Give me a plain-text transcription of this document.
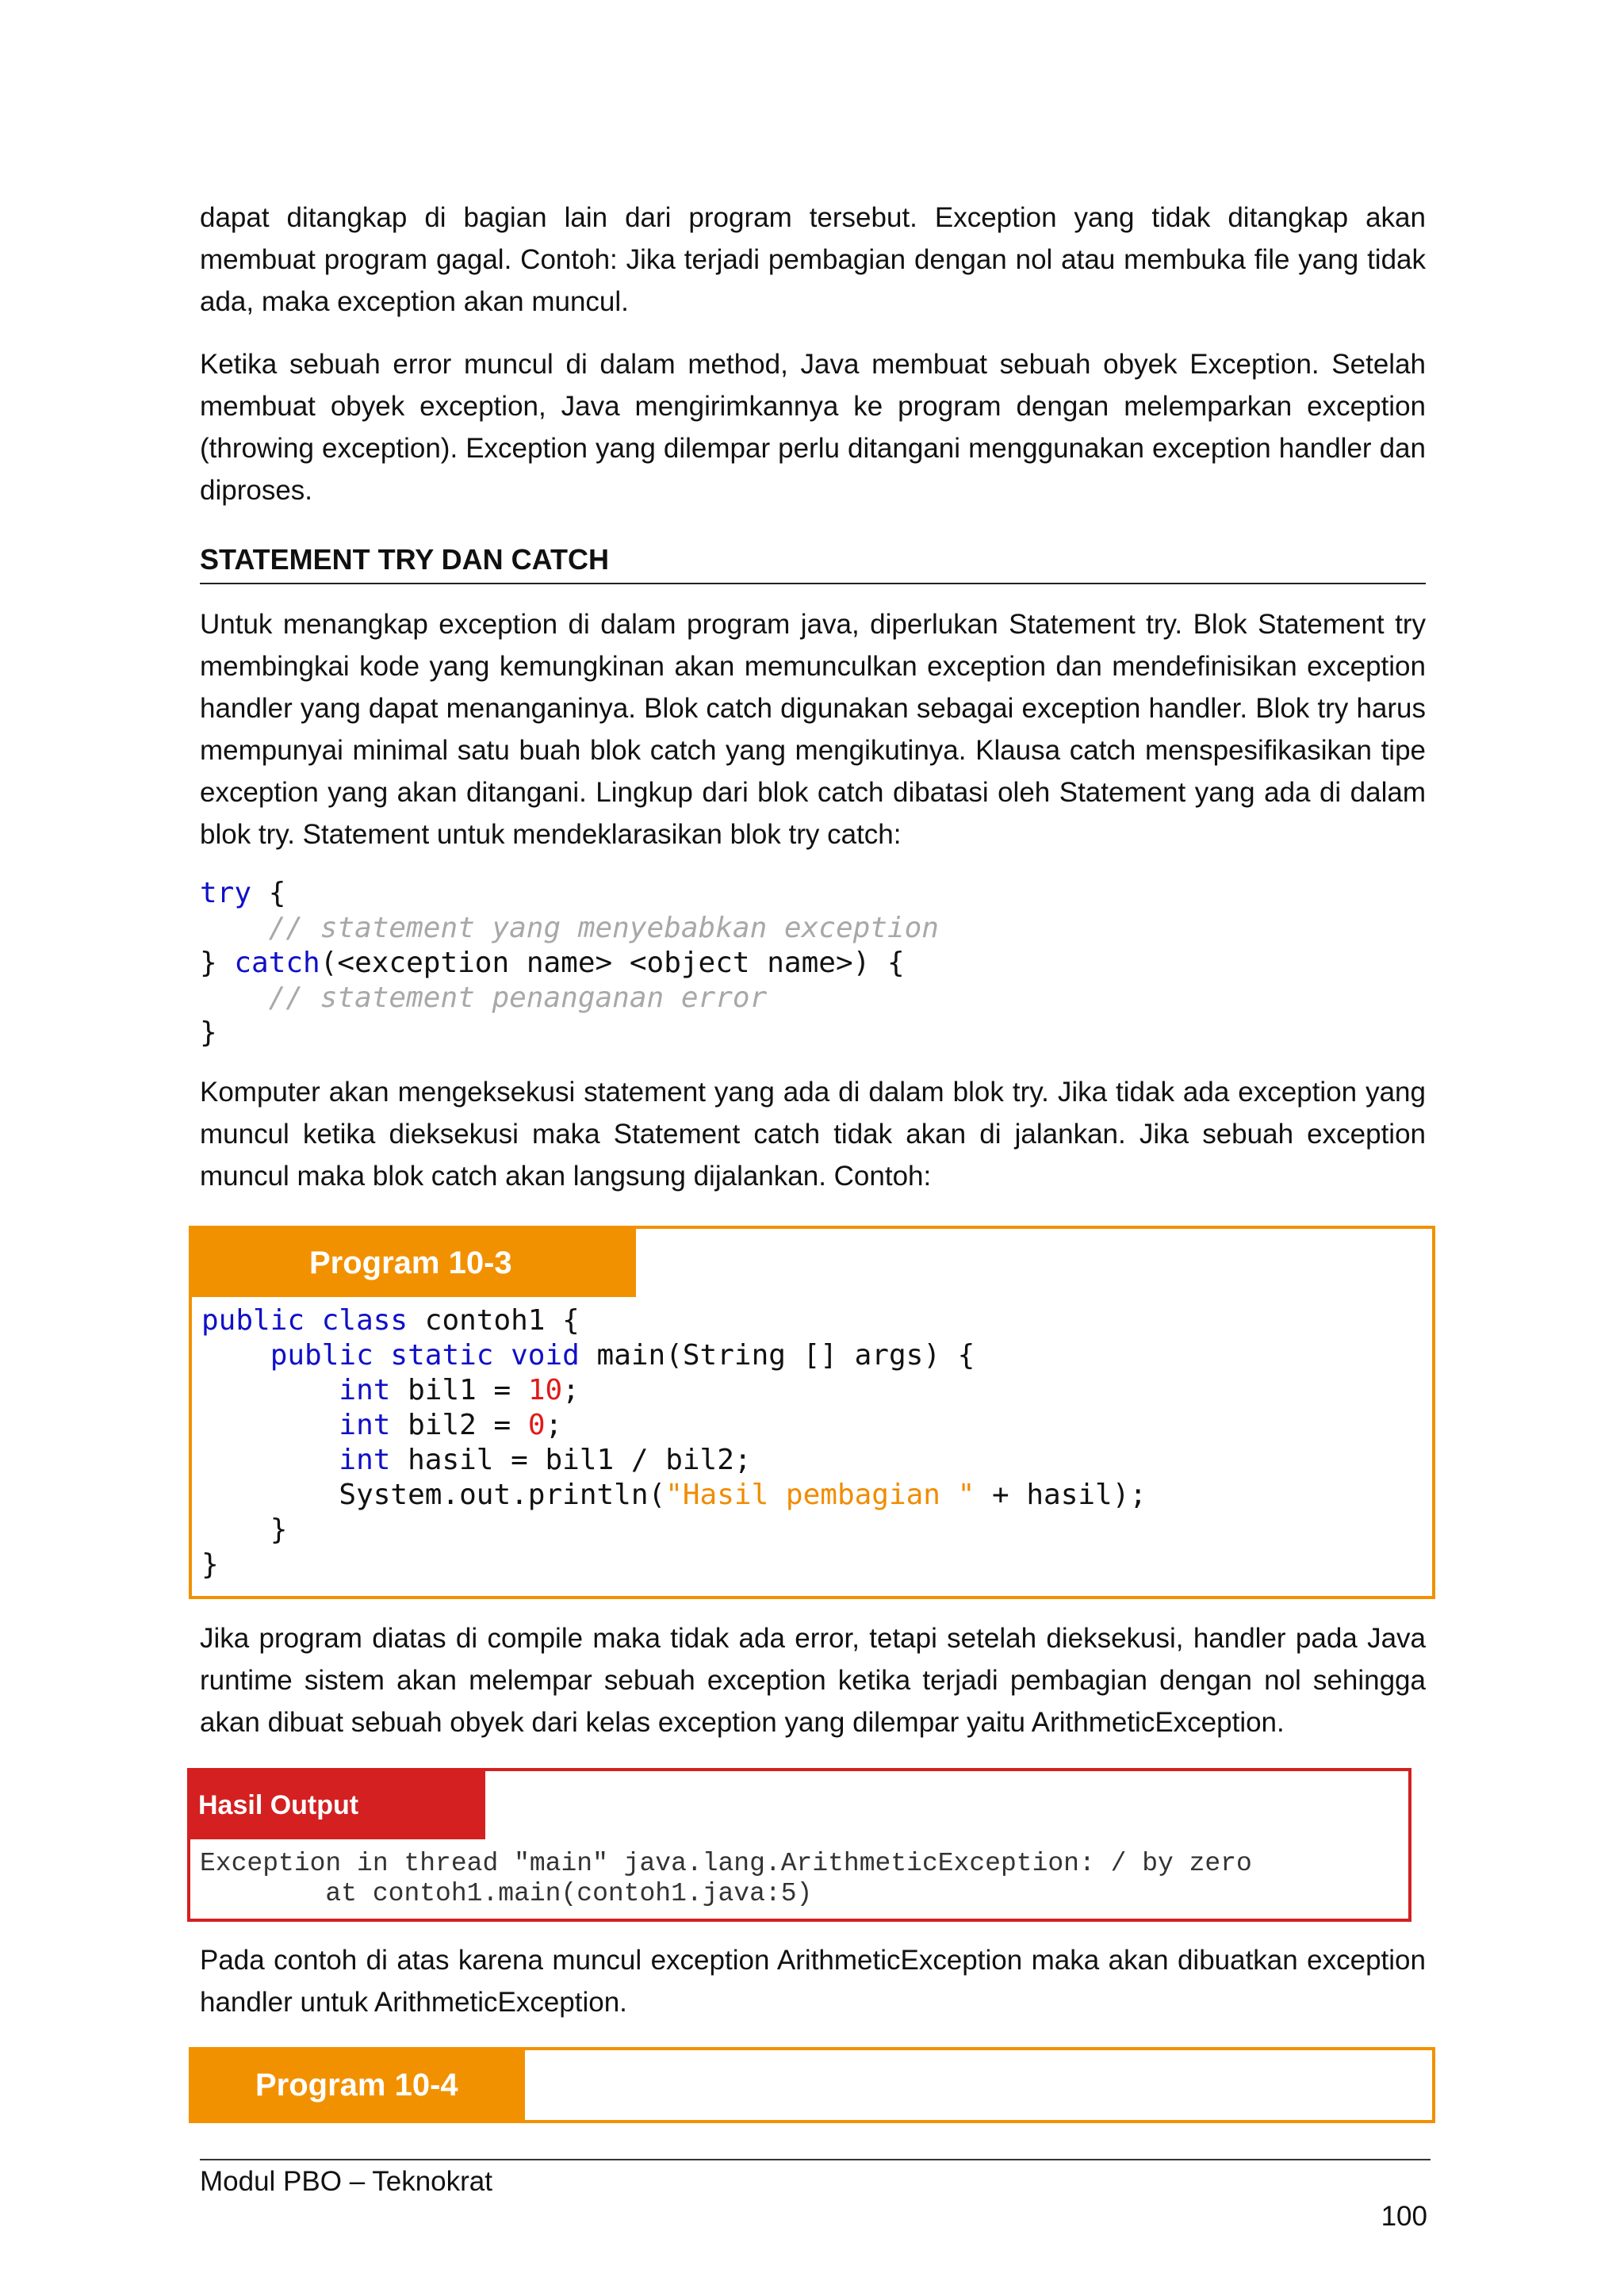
dapat ditangkap di bagian lain dari program tersebut. Exception yang tidak ditangkap akan membuat program gagal. Contoh: Jika terjadi pembagian dengan nol atau membuka file yang tidak ada, maka exception akan muncul.

Ketika sebuah error muncul di dalam method, Java membuat sebuah obyek Exception. Setelah membuat obyek exception, Java mengirimkannya ke program dengan melemparkan exception (throwing exception). Exception yang dilempar perlu ditangani menggunakan exception handler dan diproses.

STATEMENT TRY DAN CATCH

Untuk menangkap exception di dalam program java, diperlukan Statement try. Blok Statement try membingkai kode yang kemungkinan akan memunculkan exception dan mendefinisikan exception handler yang dapat menanganinya. Blok catch digunakan sebagai exception handler. Blok try harus mempunyai minimal satu buah blok catch yang mengikutinya. Klausa catch menspesifikasikan tipe exception yang akan ditangani. Lingkup dari blok catch dibatasi oleh Statement yang ada di dalam blok try. Statement untuk mendeklarasikan blok try catch:

try {
// statement yang menyebabkan exception
} catch(<exception name> <object name>) {
// statement penanganan error
}

Komputer akan mengeksekusi statement yang ada di dalam blok try. Jika tidak ada exception yang muncul ketika dieksekusi maka Statement catch tidak akan di jalankan. Jika sebuah exception muncul maka blok catch akan langsung dijalankan. Contoh:

Program 10-3
public class contoh1 {
public static void main(String [] args) {
int bil1 = 10;
int bil2 = 0;
int hasil = bil1 / bil2;
System.out.println("Hasil pembagian " + hasil);
}
}

Jika program diatas di compile maka tidak ada error, tetapi setelah dieksekusi, handler pada Java runtime sistem akan melempar sebuah exception ketika terjadi pembagian dengan nol sehingga akan dibuat sebuah obyek dari kelas exception yang dilempar yaitu ArithmeticException.

Hasil Output
Exception in thread "main" java.lang.ArithmeticException: / by zero
at contoh1.main(contoh1.java:5)

Pada contoh di atas karena muncul exception ArithmeticException maka akan dibuatkan exception handler untuk ArithmeticException.

Program 10-4
Modul PBO – Teknokrat
100
